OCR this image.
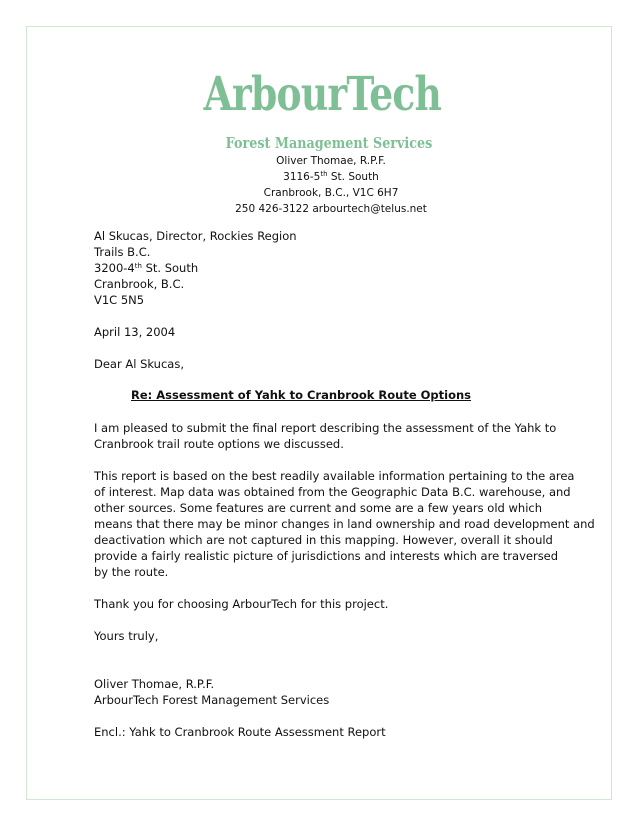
ArbourTech
Forest Management Services
Oliver Thomae, R.P.F.
3116-5th St. South
Cranbrook, B.C., V1C 6H7
250 426-3122 arbourtech@telus.net
Al Skucas, Director, Rockies Region
Trails B.C.
3200-4th St. South
Cranbrook, B.C.
V1C 5N5
April 13, 2004
Dear Al Skucas,
Re: Assessment of Yahk to Cranbrook Route Options
I am pleased to submit the final report describing the assessment of the Yahk to
Cranbrook trail route options we discussed.
This report is based on the best readily available information pertaining to the area
of interest. Map data was obtained from the Geographic Data B.C. warehouse, and
other sources. Some features are current and some are a few years old which
means that there may be minor changes in land ownership and road development and
deactivation which are not captured in this mapping. However, overall it should
provide a fairly realistic picture of jurisdictions and interests which are traversed
by the route.
Thank you for choosing ArbourTech for this project.
Yours truly,
Oliver Thomae, R.P.F.
ArbourTech Forest Management Services
Encl.: Yahk to Cranbrook Route Assessment Report
